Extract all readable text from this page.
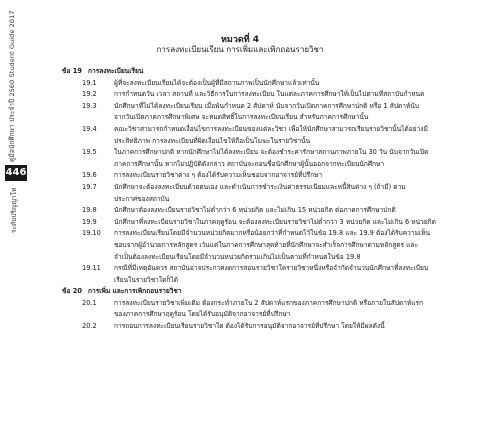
คู่มือนักศึกษา ประจำปี 2560 Student Guide 2017
446
ระดับปริญญาโท
หมวดที่ 4
การลงทะเบียนเรียน การเพิ่มและเพิกถอนรายวิชา
ข้อ 19 การลงทะเบียนเรียน
19.1	ผู้ที่จะลงทะเบียนเรียนได้จะต้องเป็นผู้ที่มีสถานภาพเป็นนักศึกษาแล้วเท่านั้น
19.2	การกำหนดวัน เวลา สถานที่ และวิธีการในการลงทะเบียน ในแต่ละภาคการศึกษาให้เป็นไปตามที่สถาบันกำหนด
19.3	นักศึกษาที่ไม่ได้ลงทะเบียนเรียน เมื่อพ้นกำหนด 2 สัปดาห์ นับจากวันเปิดภาคการศึกษาปกติ หรือ 1 สัปดาห์นับ
จากวันเปิดภาคการศึกษาพิเศษ จะหมดสิทธิ์ในการลงทะเบียนเรียน สำหรับภาคการศึกษานั้น
19.4	คณะวิชาสามารถกำหนดเงื่อนไขการลงทะเบียนของแต่ละวิชา เพื่อให้นักศึกษาสามารถเรียนรายวิชานั้นได้อย่างมี
ประสิทธิภาพ การลงทะเบียนที่ผิดเงื่อนไขให้ถือเป็นโมฆะในรายวิชานั้น
19.5	ในภาคการศึกษาปกติ หากนักศึกษาไม่ได้ลงทะเบียน จะต้องชำระค่ารักษาสถานภาพภายใน 30 วัน นับจากวันเปิด
ภาคการศึกษานั้น หากไม่ปฏิบัติดังกล่าว สถาบันจะถอนชื่อนักศึกษาผู้นั้นออกจากทะเบียนนักศึกษา
19.6	การลงทะเบียนรายวิชาต่าง ๆ ต้องได้รับความเห็นชอบจากอาจารย์ที่ปรึกษา
19.7	นักศึกษาจะต้องลงทะเบียนด้วยตนเอง และดำเนินการชำระเงินค่าธรรมเนียมและหนี้สินต่าง ๆ (ถ้ามี) ตาม
ประกาศของสถาบัน
19.8	นักศึกษาต้องลงทะเบียนรายวิชาไม่ต่ำกว่า 6 หน่วยกิต และไม่เกิน 15 หน่วยกิต ต่อภาคการศึกษาปกติ
19.9	นักศึกษาที่ลงทะเบียนรายวิชาในภาคฤดูร้อน จะต้องลงทะเบียนรายวิชาไม่ต่ำกว่า 3 หน่วยกิต และไม่เกิน 6 หน่วยกิต
19.10	การลงทะเบียนเรียนโดยมีจำนวนหน่วยกิตมากหรือน้อยกว่าที่กำหนดไว้ในข้อ 19.8 และ 19.9 ต้องได้รับความเห็น
ชอบจากผู้อำนวยการหลักสูตร เว้นแต่ในภาคการศึกษาสุดท้ายที่นักศึกษาจะสำเร็จการศึกษาตามหลักสูตร และ
จำเป็นต้องลงทะเบียนเรียนโดยมีจำนวนหน่วยกิตรวมเกินไม่เป็นตามที่กำหนดในข้อ 19.8
19.11	กรณีที่มีเหตุอันควร สถาบันอาจประกาศงดการสอนรายวิชาใดรายวิชาหนึ่งหรือจำกัดจำนวนนักศึกษาที่ลงทะเบียน
เรียนในรายวิชาใดก็ได้
ข้อ 20 การเพิ่ม และการเพิกถอนรายวิชา
20.1	การลงทะเบียนรายวิชาเพิ่มเติม ต้องกระทำภายใน 2 สัปดาห์แรกของภาคการศึกษาปกติ หรือภายในสัปดาห์แรก
ของภาคการศึกษาฤดูร้อน โดยได้รับอนุมัติจากอาจารย์ที่ปรึกษา
20.2	การถอนการลงทะเบียนเรียนรายวิชาใด ต้องได้รับการอนุมัติจากอาจารย์ที่ปรึกษา โดยให้มีผลดังนี้
